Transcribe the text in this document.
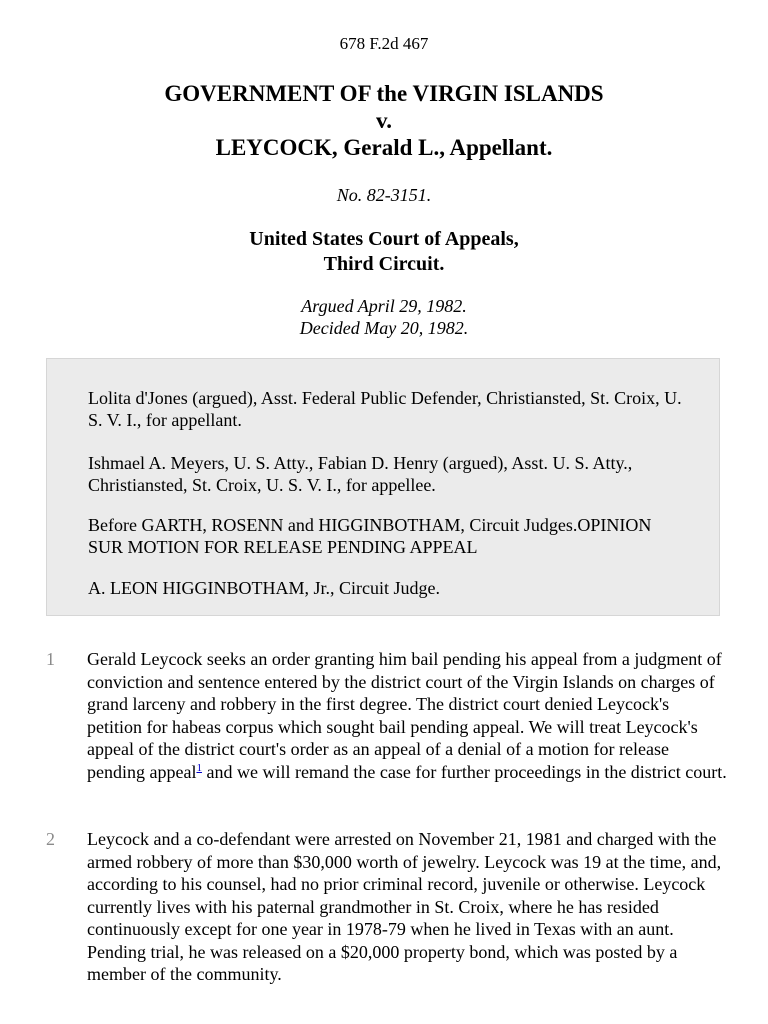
678 F.2d 467
GOVERNMENT OF the VIRGIN ISLANDS
v.
LEYCOCK, Gerald L., Appellant.
No. 82-3151.
United States Court of Appeals,
Third Circuit.
Argued April 29, 1982.
Decided May 20, 1982.

Lolita d'Jones (argued), Asst. Federal Public Defender, Christiansted, St. Croix, U. S. V. I., for appellant.

Ishmael A. Meyers, U. S. Atty., Fabian D. Henry (argued), Asst. U. S. Atty., Christiansted, St. Croix, U. S. V. I., for appellee.

Before GARTH, ROSENN and HIGGINBOTHAM, Circuit Judges.OPINION SUR MOTION FOR RELEASE PENDING APPEAL

A. LEON HIGGINBOTHAM, Jr., Circuit Judge.

1 Gerald Leycock seeks an order granting him bail pending his appeal from a judgment of conviction and sentence entered by the district court of the Virgin Islands on charges of grand larceny and robbery in the first degree. The district court denied Leycock's petition for habeas corpus which sought bail pending appeal. We will treat Leycock's appeal of the district court's order as an appeal of a denial of a motion for release pending appeal$^1$ and we will remand the case for further proceedings in the district court.

2 Leycock and a co-defendant were arrested on November 21, 1981 and charged with the armed robbery of more than $30,000 worth of jewelry. Leycock was 19 at the time, and, according to his counsel, had no prior criminal record, juvenile or otherwise. Leycock currently lives with his paternal grandmother in St. Croix, where he has resided continuously except for one year in 1978-79 when he lived in Texas with an aunt. Pending trial, he was released on a $20,000 property bond, which was posted by a member of the community.
